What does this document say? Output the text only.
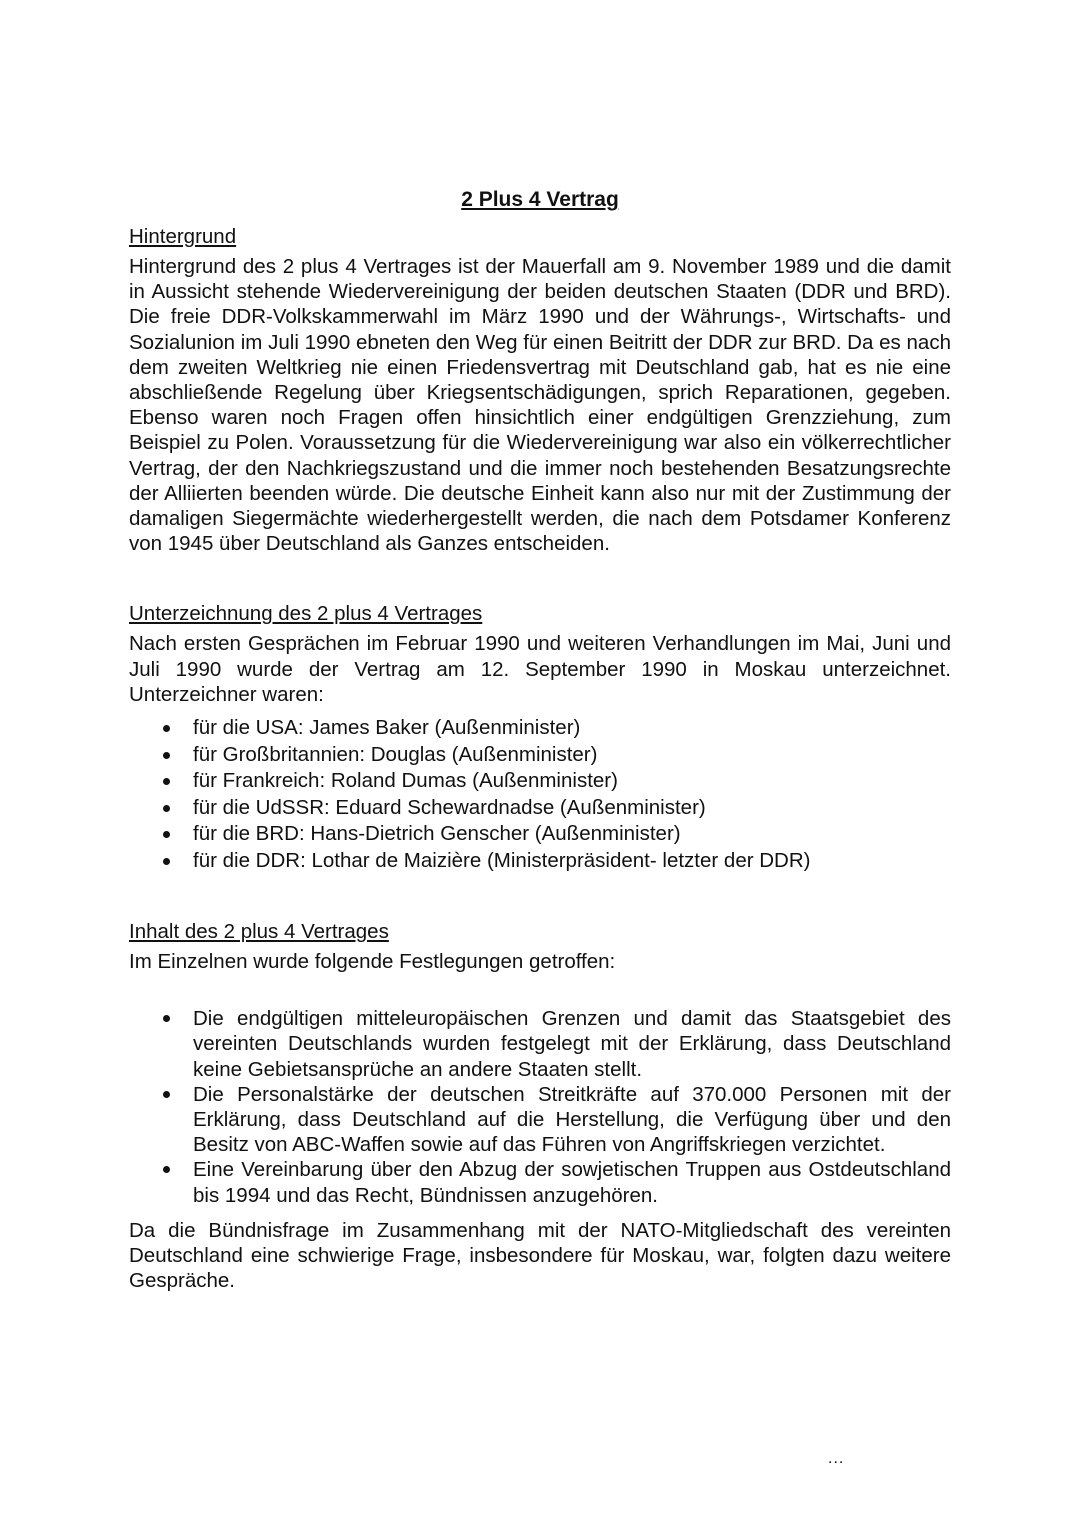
2 Plus 4 Vertrag
Hintergrund

Hintergrund des 2 plus 4 Vertrages ist der Mauerfall am 9. November 1989 und die damit in Aussicht stehende Wiedervereinigung der beiden deutschen Staaten (DDR und BRD). Die freie DDR-Volkskammerwahl im März 1990 und der Währungs-, Wirtschafts- und Sozialunion im Juli 1990 ebneten den Weg für einen Beitritt der DDR zur BRD. Da es nach dem zweiten Weltkrieg nie einen Friedensvertrag mit Deutschland gab, hat es nie eine abschließende Regelung über Kriegsentschädigungen, sprich Reparationen, gegeben. Ebenso waren noch Fragen offen hinsichtlich einer endgültigen Grenzziehung, zum Beispiel zu Polen. Voraussetzung für die Wiedervereinigung war also ein völkerrechtlicher Vertrag, der den Nachkriegszustand und die immer noch bestehenden Besatzungsrechte der Alliierten beenden würde. Die deutsche Einheit kann also nur mit der Zustimmung der damaligen Siegermächte wiederhergestellt werden, die nach dem Potsdamer Konferenz von 1945 über Deutschland als Ganzes entscheiden.

Unterzeichnung des 2 plus 4 Vertrages

Nach ersten Gesprächen im Februar 1990 und weiteren Verhandlungen im Mai, Juni und Juli 1990 wurde der Vertrag am 12. September 1990 in Moskau unterzeichnet. Unterzeichner waren:

für die USA: James Baker (Außenminister)
für Großbritannien: Douglas (Außenminister)
für Frankreich: Roland Dumas (Außenminister)
für die UdSSR: Eduard Schewardnadse (Außenminister)
für die BRD: Hans-Dietrich Genscher (Außenminister)
für die DDR: Lothar de Maizière (Ministerpräsident- letzter der DDR)
Inhalt des 2 plus 4 Vertrages

Im Einzelnen wurde folgende Festlegungen getroffen:

Die endgültigen mitteleuropäischen Grenzen und damit das Staatsgebiet des vereinten Deutschlands wurden festgelegt mit der Erklärung, dass Deutschland keine Gebietsansprüche an andere Staaten stellt.
Die Personalstärke der deutschen Streitkräfte auf 370.000 Personen mit der Erklärung, dass Deutschland auf die Herstellung, die Verfügung über und den Besitz von ABC-Waffen sowie auf das Führen von Angriffskriegen verzichtet.
Eine Vereinbarung über den Abzug der sowjetischen Truppen aus Ostdeutschland bis 1994 und das Recht, Bündnissen anzugehören.

Da die Bündnisfrage im Zusammenhang mit der NATO-Mitgliedschaft des vereinten Deutschland eine schwierige Frage, insbesondere für Moskau, war, folgten dazu weitere Gespräche.

...
